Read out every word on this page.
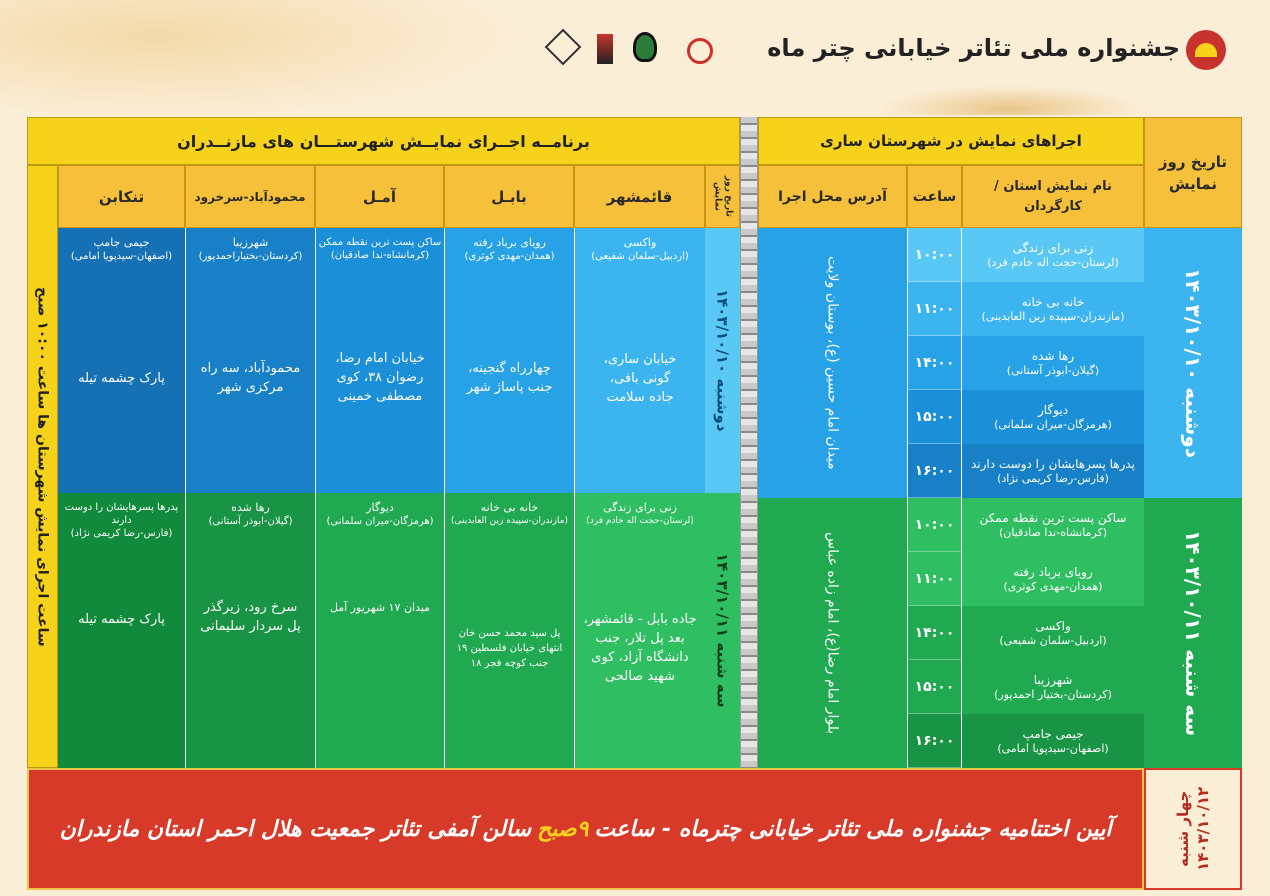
جشنواره ملی تئاتر خیابانی چتر ماه
اجراهای نمایش در شهرستان ساری
تاریخ روز نمایش
نام نمایش استان / کارگردان
ساعت
آدرس محل اجرا
دوشنبه ۱۴۰۳/۱۰/۱۰
زنی برای زندگی
(لرستان-حجت اله خادم فرد)
خانه بی خانه
(مازندران-سپیده زین العابدینی)
رها شده
(گیلان-ابوذر آستانی)
دیوگار
(هرمزگان-میران سلمانی)
پدرها پسرهایشان را دوست دارند
(فارس-رضا کریمی نژاد)
۱۰:۰۰
۱۱:۰۰
۱۴:۰۰
۱۵:۰۰
۱۶:۰۰
میدان امام حسین (ع)، بوستان ولایت
سه شنبه ۱۴۰۳/۱۰/۱۱
ساکن پست ترین نقطه ممکن
(کرمانشاه-ندا صادقیان)
رویای برباد رفته
(همدان-مهدی کوثری)
واکسی
(اردبیل-سلمان شفیعی)
شهرزیبا
(کردستان-بختیار احمدپور)
جیمی جامپ
(اصفهان-سیدپویا امامی)
۱۰:۰۰
۱۱:۰۰
۱۴:۰۰
۱۵:۰۰
۱۶:۰۰
بلوار امام رضا(ع)، امام زاده عباس
برنامــه اجــرای نمایــش شهرستـــان های مازنــدران
ساعت اجرای نمایش شهرستان ها ساعت ۱۰:۰۰ صبح
تاریخ روز نمایش
قائمشهر
بابـل
آمـل
محمودآباد-سرخرود
تنکابن
دوشنبه ۱۴۰۳/۱۰/۱۰
واکسی
(اردبیل-سلمان شفیعی)
خیابان ساری، گونی بافی، جاده سلامت
رویای برباد رفته
(همدان-مهدی کوثری)
چهارراه گنجینه، جنب پاساژ شهر
ساکن پست ترین نقطه ممکن
(کرمانشاه-ندا صادقیان)
خیابان امام رضا، رضوان ۳۸، کوی مصطفی خمینی
شهرزیبا
(کردستان-بختیاراحمدپور)
محمودآباد، سه راه مرکزی شهر
جیمی جامپ
(اصفهان-سیدپویا امامی)
پارک چشمه تیله
سه شنبه ۱۴۰۳/۱۰/۱۱
زنی برای زندگی
(لرستان-حجت اله خادم فرد)
جاده بابل - قائمشهر، بعد پل تلار، جنب دانشگاه آزاد، کوی شهید صالحی
خانه بی خانه
(مازندران-سپیده زین العابدینی)
پل سید محمد حسن خان انتهای خیابان فلسطین ۱۹ جنب کوچه فجر ۱۸
دیوگار
(هرمزگان-میران سلمانی)
میدان ۱۷ شهریور آمل
رها شده
(گیلان-ابوذر آستانی)
سرخ رود، زیرگذر پل سردار سلیمانی
پدرها پسرهایشان را دوست دارند
(فارس-رضا کریمی نژاد)
پارک چشمه تیله
آیین اختتامیه جشنواره ملی تئاتر خیابانی چترماه - ساعت
۹صبح
سالن آمفی تئاتر جمعیت هلال احمر استان مازندران	چهار شنبه ۱۴۰۳/۱۰/۱۲
